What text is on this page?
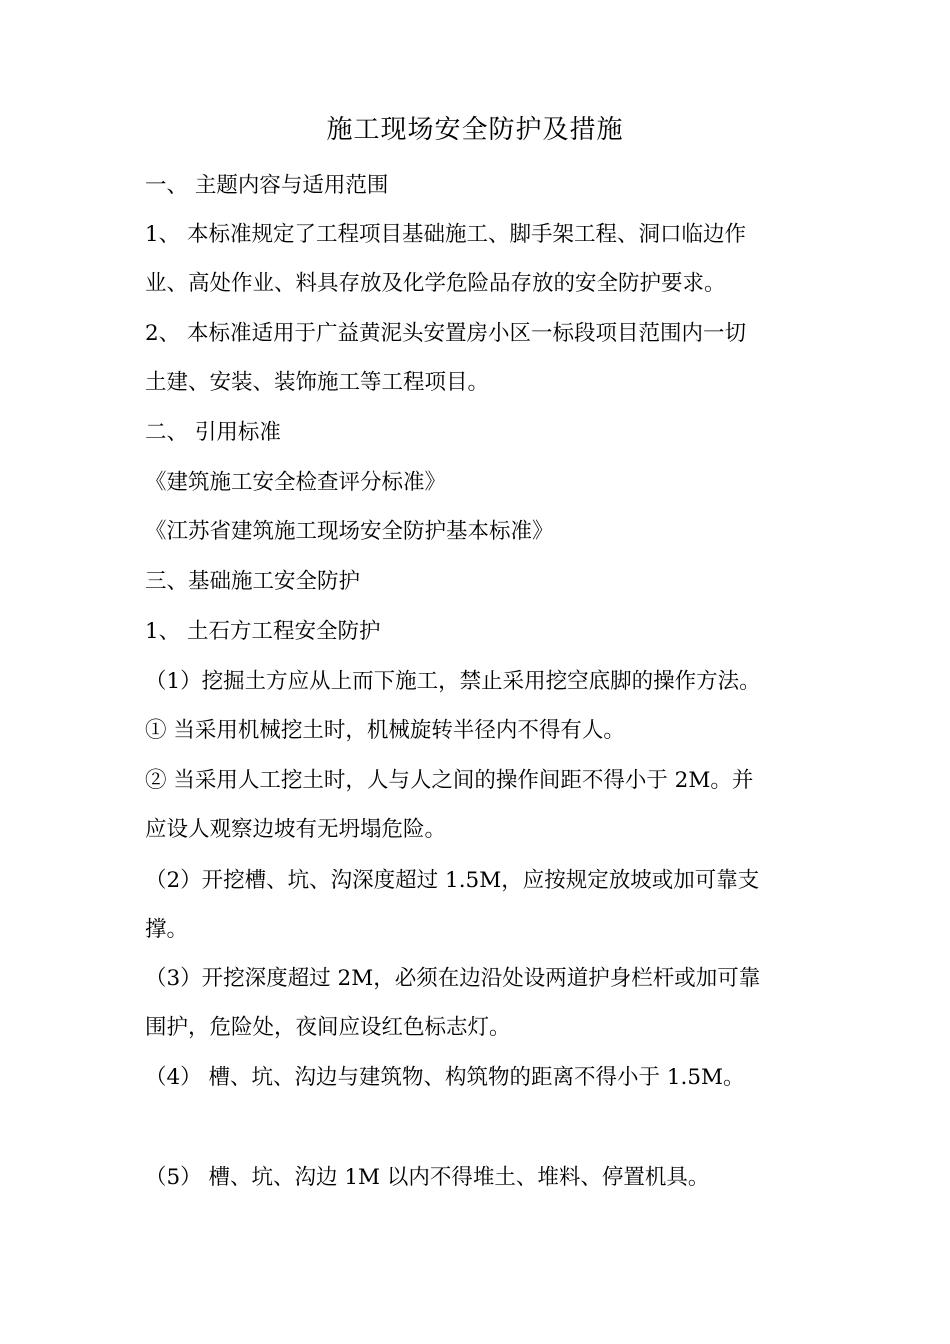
施工现场安全防护及措施
一、 主题内容与适用范围
1、 本标准规定了工程项目基础施工、脚手架工程、洞口临边作
业、高处作业、料具存放及化学危险品存放的安全防护要求。
2、 本标准适用于广益黄泥头安置房小区一标段项目范围内一切
土建、安装、装饰施工等工程项目。
二、 引用标准
《建筑施工安全检查评分标准》
《江苏省建筑施工现场安全防护基本标准》
三、基础施工安全防护
1、 土石方工程安全防护
（1）挖掘土方应从上而下施工，禁止采用挖空底脚的操作方法。
① 当采用机械挖土时，机械旋转半径内不得有人。
② 当采用人工挖土时，人与人之间的操作间距不得小于 2M。并
应设人观察边坡有无坍塌危险。
（2）开挖槽、坑、沟深度超过 1.5M，应按规定放坡或加可靠支
撑。
（3）开挖深度超过 2M，必须在边沿处设两道护身栏杆或加可靠
围护，危险处，夜间应设红色标志灯。
（4） 槽、坑、沟边与建筑物、构筑物的距离不得小于 1.5M。
（5） 槽、坑、沟边 1M 以内不得堆土、堆料、停置机具。
